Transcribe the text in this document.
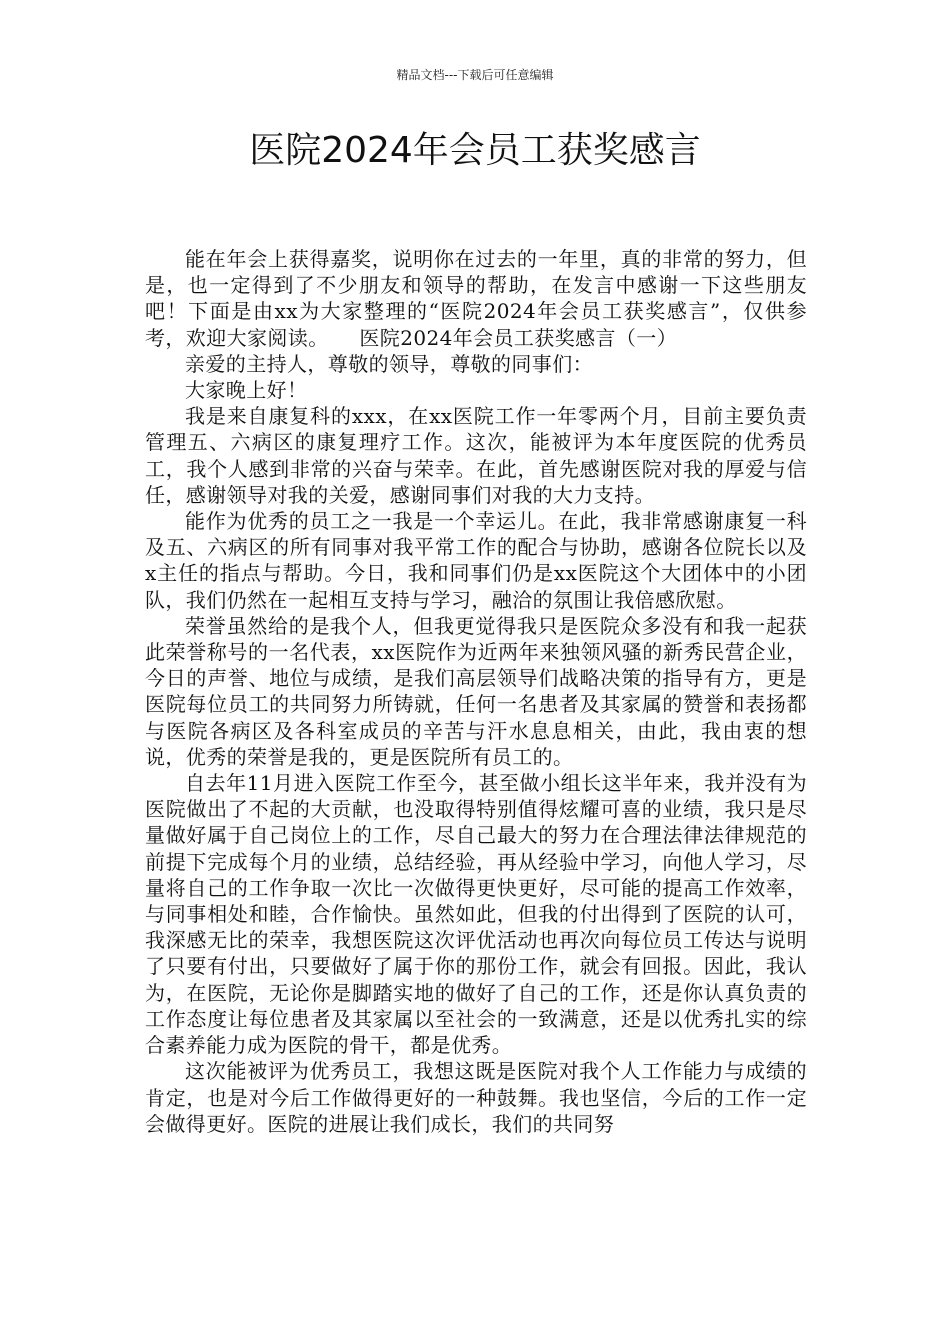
精品文档---下载后可任意编辑
医院2024年会员工获奖感言

能在年会上获得嘉奖，说明你在过去的一年里，真的非常的努力，但是，也一定得到了不少朋友和领导的帮助，在发言中感谢一下这些朋友吧！下面是由xx为大家整理的“医院2024年会员工获奖感言”，仅供参考，欢迎大家阅读。　　医院2024年会员工获奖感言（一）

亲爱的主持人，尊敬的领导，尊敬的同事们：

大家晚上好！

我是来自康复科的xxx，在xx医院工作一年零两个月，目前主要负责管理五、六病区的康复理疗工作。这次，能被评为本年度医院的优秀员工，我个人感到非常的兴奋与荣幸。在此，首先感谢医院对我的厚爱与信任，感谢领导对我的关爱，感谢同事们对我的大力支持。

能作为优秀的员工之一我是一个幸运儿。在此，我非常感谢康复一科及五、六病区的所有同事对我平常工作的配合与协助，感谢各位院长以及x主任的指点与帮助。今日，我和同事们仍是xx医院这个大团体中的小团队，我们仍然在一起相互支持与学习，融洽的氛围让我倍感欣慰。

荣誉虽然给的是我个人，但我更觉得我只是医院众多没有和我一起获此荣誉称号的一名代表，xx医院作为近两年来独领风骚的新秀民营企业，今日的声誉、地位与成绩，是我们高层领导们战略决策的指导有方，更是医院每位员工的共同努力所铸就，任何一名患者及其家属的赞誉和表扬都与医院各病区及各科室成员的辛苦与汗水息息相关，由此，我由衷的想说，优秀的荣誉是我的，更是医院所有员工的。

自去年11月进入医院工作至今，甚至做小组长这半年来，我并没有为医院做出了不起的大贡献，也没取得特别值得炫耀可喜的业绩，我只是尽量做好属于自己岗位上的工作，尽自己最大的努力在合理法律法律规范的前提下完成每个月的业绩，总结经验，再从经验中学习，向他人学习，尽量将自己的工作争取一次比一次做得更快更好，尽可能的提高工作效率，与同事相处和睦，合作愉快。虽然如此，但我的付出得到了医院的认可，我深感无比的荣幸，我想医院这次评优活动也再次向每位员工传达与说明了只要有付出，只要做好了属于你的那份工作，就会有回报。因此，我认为，在医院，无论你是脚踏实地的做好了自己的工作，还是你认真负责的工作态度让每位患者及其家属以至社会的一致满意，还是以优秀扎实的综合素养能力成为医院的骨干，都是优秀。

这次能被评为优秀员工，我想这既是医院对我个人工作能力与成绩的肯定，也是对今后工作做得更好的一种鼓舞。我也坚信，今后的工作一定会做得更好。医院的进展让我们成长，我们的共同努
